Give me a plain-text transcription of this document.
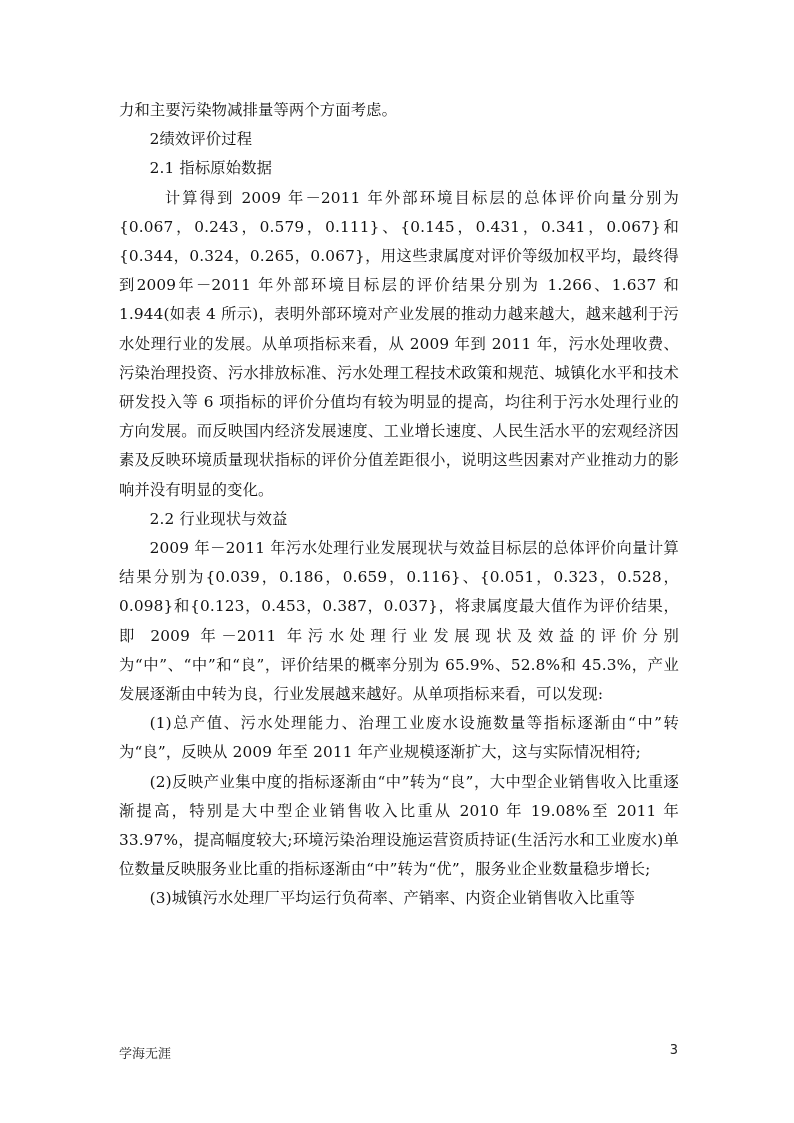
力和主要污染物减排量等两个方面考虑。

2绩效评价过程

2.1 指标原始数据

计算得到 2009 年－2011 年外部环境目标层的总体评价向量分别为{0.067，0.243，0.579，0.111}、{0.145，0.431，0.341，0.067}和{0.344，0.324，0.265，0.067}，用这些隶属度对评价等级加权平均，最终得到2009年－2011 年外部环境目标层的评价结果分别为 1.266、1.637 和 1.944(如表 4 所示)，表明外部环境对产业发展的推动力越来越大，越来越利于污水处理行业的发展。从单项指标来看，从 2009 年到 2011 年，污水处理收费、污染治理投资、污水排放标准、污水处理工程技术政策和规范、城镇化水平和技术研发投入等 6 项指标的评价分值均有较为明显的提高，均往利于污水处理行业的方向发展。而反映国内经济发展速度、工业增长速度、人民生活水平的宏观经济因素及反映环境质量现状指标的评价分值差距很小，说明这些因素对产业推动力的影响并没有明显的变化。

2.2 行业现状与效益

2009 年－2011 年污水处理行业发展现状与效益目标层的总体评价向量计算结果分别为{0.039，0.186，0.659，0.116}、{0.051，0.323，0.528，0.098}和{0.123，0.453，0.387，0.037}，将隶属度最大值作为评价结果，即 2009 年－2011 年污水处理行业发展现状及效益的评价分别为“中”、“中”和“良”，评价结果的概率分别为 65.9%、52.8%和 45.3%，产业发展逐渐由中转为良，行业发展越来越好。从单项指标来看，可以发现:

(1)总产值、污水处理能力、治理工业废水设施数量等指标逐渐由“中”转为“良”，反映从 2009 年至 2011 年产业规模逐渐扩大，这与实际情况相符;

(2)反映产业集中度的指标逐渐由“中”转为“良”，大中型企业销售收入比重逐渐提高，特别是大中型企业销售收入比重从 2010 年 19.08%至 2011 年 33.97%，提高幅度较大;环境污染治理设施运营资质持证(生活污水和工业废水)单位数量反映服务业比重的指标逐渐由“中”转为“优”，服务业企业数量稳步增长;

(3)城镇污水处理厂平均运行负荷率、产销率、内资企业销售收入比重等

学海无涯	3
